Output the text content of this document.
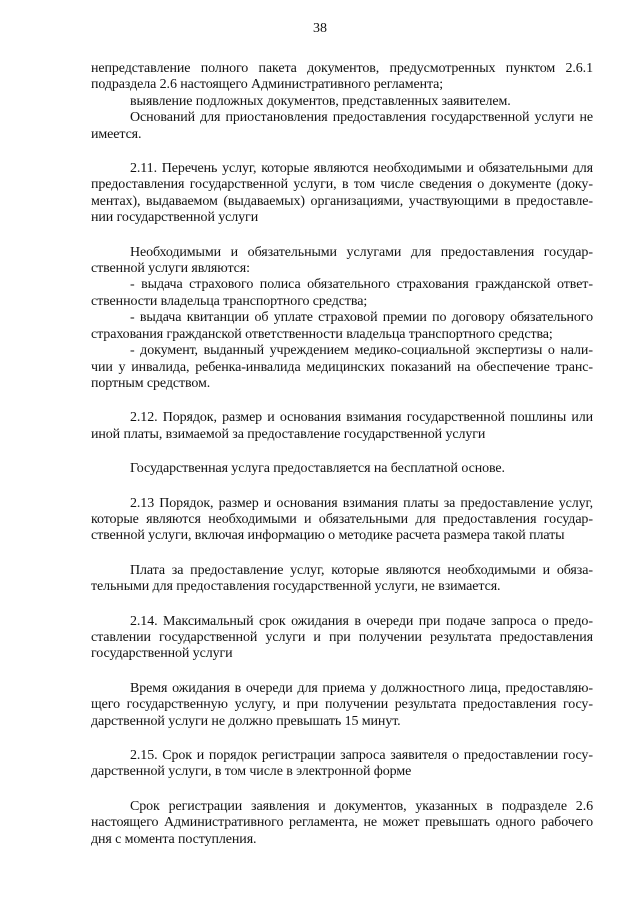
38

непредставление полного пакета документов, предусмотренных пунктом 2.6.1 подраздела 2.6 настоящего Административного регламента;

выявление подложных документов, представленных заявителем.

Оснований для приостановления предоставления государственной услуги не имеется.

2.11. Перечень услуг, которые являются необходимыми и обязательными для предоставления государственной услуги, в том числе сведения о документе (документах), выдаваемом (выдаваемых) организациями, участвующими в предоставлении государственной услуги

Необходимыми и обязательными услугами для предоставления государственной услуги являются:

- выдача страхового полиса обязательного страхования гражданской ответственности владельца транспортного средства;

- выдача квитанции об уплате страховой премии по договору обязательного страхования гражданской ответственности владельца транспортного средства;

- документ, выданный учреждением медико-социальной экспертизы о наличии у инвалида, ребенка-инвалида медицинских показаний на обеспечение транспортным средством.

2.12. Порядок, размер и основания взимания государственной пошлины или иной платы, взимаемой за предоставление государственной услуги

Государственная услуга предоставляется на бесплатной основе.

2.13 Порядок, размер и основания взимания платы за предоставление услуг, которые являются необходимыми и обязательными для предоставления государственной услуги, включая информацию о методике расчета размера такой платы

Плата за предоставление услуг, которые являются необходимыми и обязательными для предоставления государственной услуги, не взимается.

2.14. Максимальный срок ожидания в очереди при подаче запроса о предоставлении государственной услуги и при получении результата предоставления государственной услуги

Время ожидания в очереди для приема у должностного лица, предоставляющего государственную услугу, и при получении результата предоставления государственной услуги не должно превышать 15 минут.

2.15. Срок и порядок регистрации запроса заявителя о предоставлении государственной услуги, в том числе в электронной форме

Срок регистрации заявления и документов, указанных в подразделе 2.6 настоящего Административного регламента, не может превышать одного рабочего дня с момента поступления.
